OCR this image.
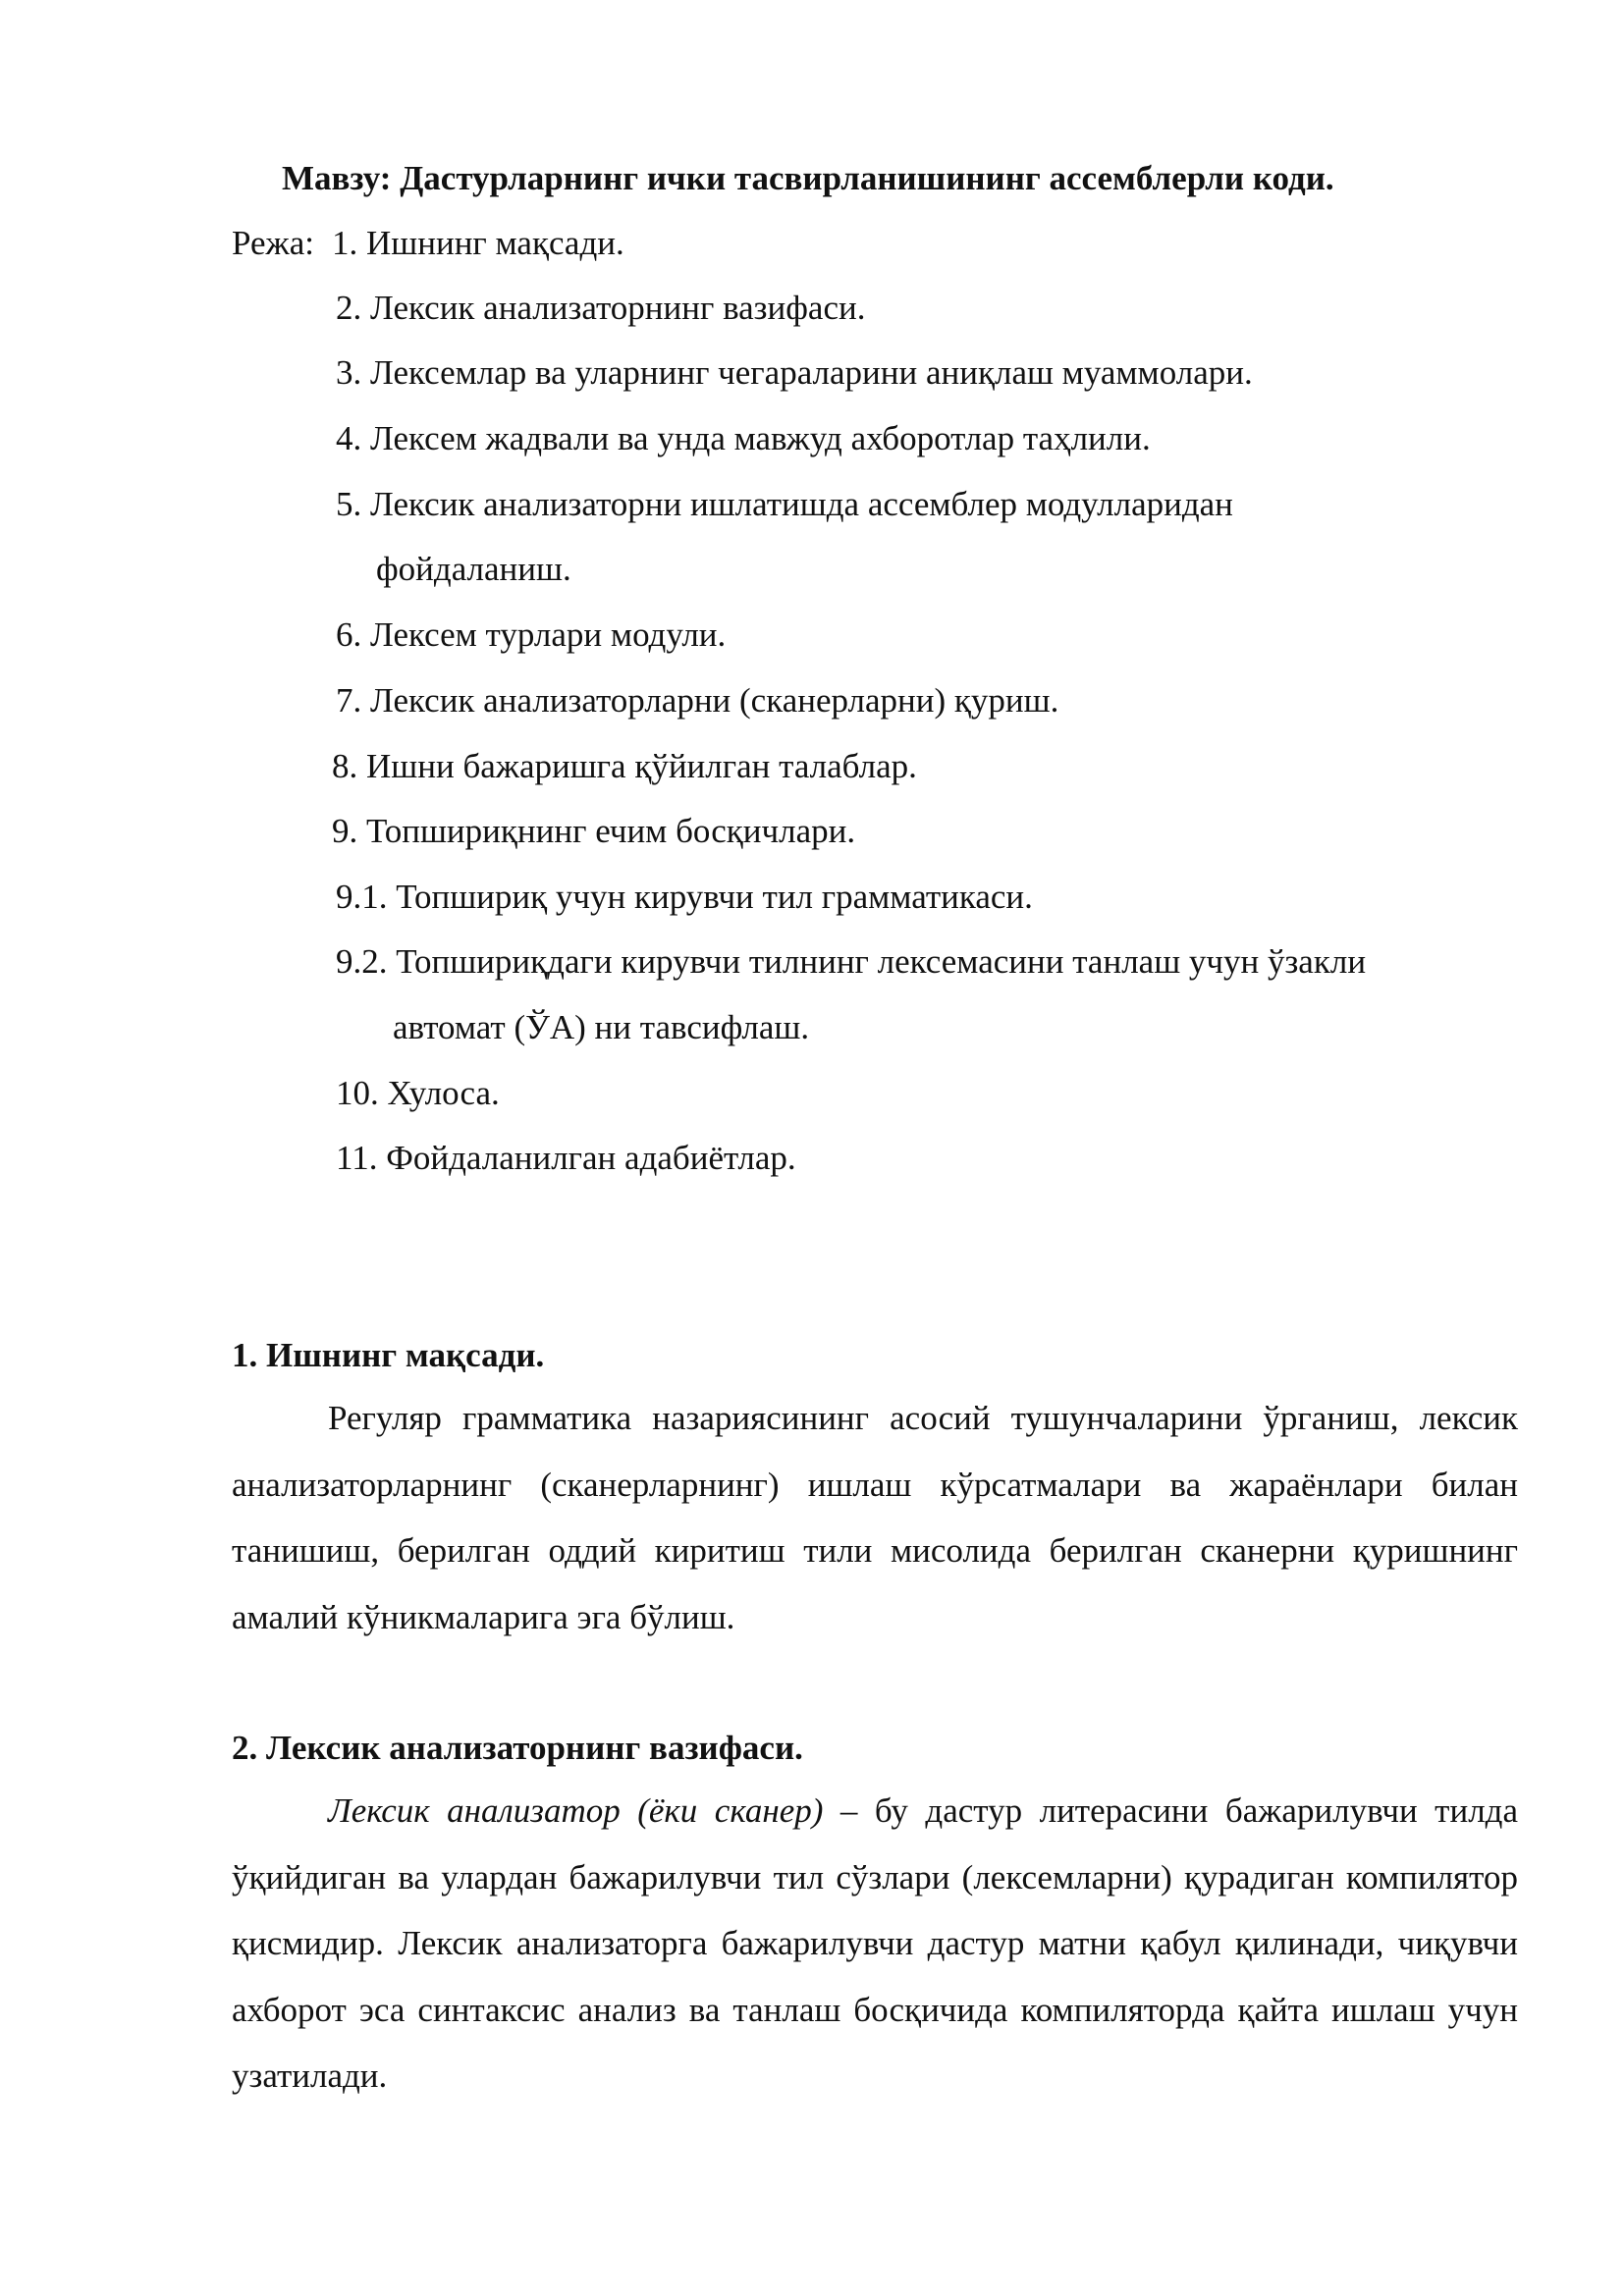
Мавзу: Дастурларнинг ички тасвирланишининг ассемблерли коди.
Режа: 1. Ишнинг мақсади.
2. Лексик анализаторнинг вазифаси.
3. Лексемлар ва уларнинг чегараларини аниқлаш муаммолари.
4. Лексем жадвали ва унда мавжуд ахборотлар таҳлили.
5. Лексик анализаторни ишлатишда ассемблер модулларидан
фойдаланиш.
6. Лексем турлари модули.
7. Лексик анализаторларни (сканерларни) қуриш.
8. Ишни бажаришга қўйилган талаблар.
9. Топшириқнинг ечим босқичлари.
9.1. Топшириқ учун кирувчи тил грамматикаси.
9.2. Топшириқдаги кирувчи тилнинг лексемасини танлаш учун ўзакли
автомат (ЎА) ни тавсифлаш.
10. Хулоса.
11. Фойдаланилган адабиётлар.
1. Ишнинг мақсади.
Регуляр грамматика назариясининг асосий тушунчаларини ўрганиш, лексик анализаторларнинг (сканерларнинг) ишлаш кўрсатмалари ва жараёнлари билан танишиш, берилган оддий киритиш тили мисолида берилган сканерни қуришнинг амалий кўникмаларига эга бўлиш.
2. Лексик анализаторнинг вазифаси.
Лексик анализатор (ёки сканер) – бу дастур литерасини бажарилувчи тилда ўқийдиган ва улардан бажарилувчи тил сўзлари (лексемларни) қурадиган компилятор қисмидир. Лексик анализаторга бажарилувчи дастур матни қабул қилинади, чиқувчи ахборот эса синтаксис анализ ва танлаш босқичида компиляторда қайта ишлаш учун узатилади.
